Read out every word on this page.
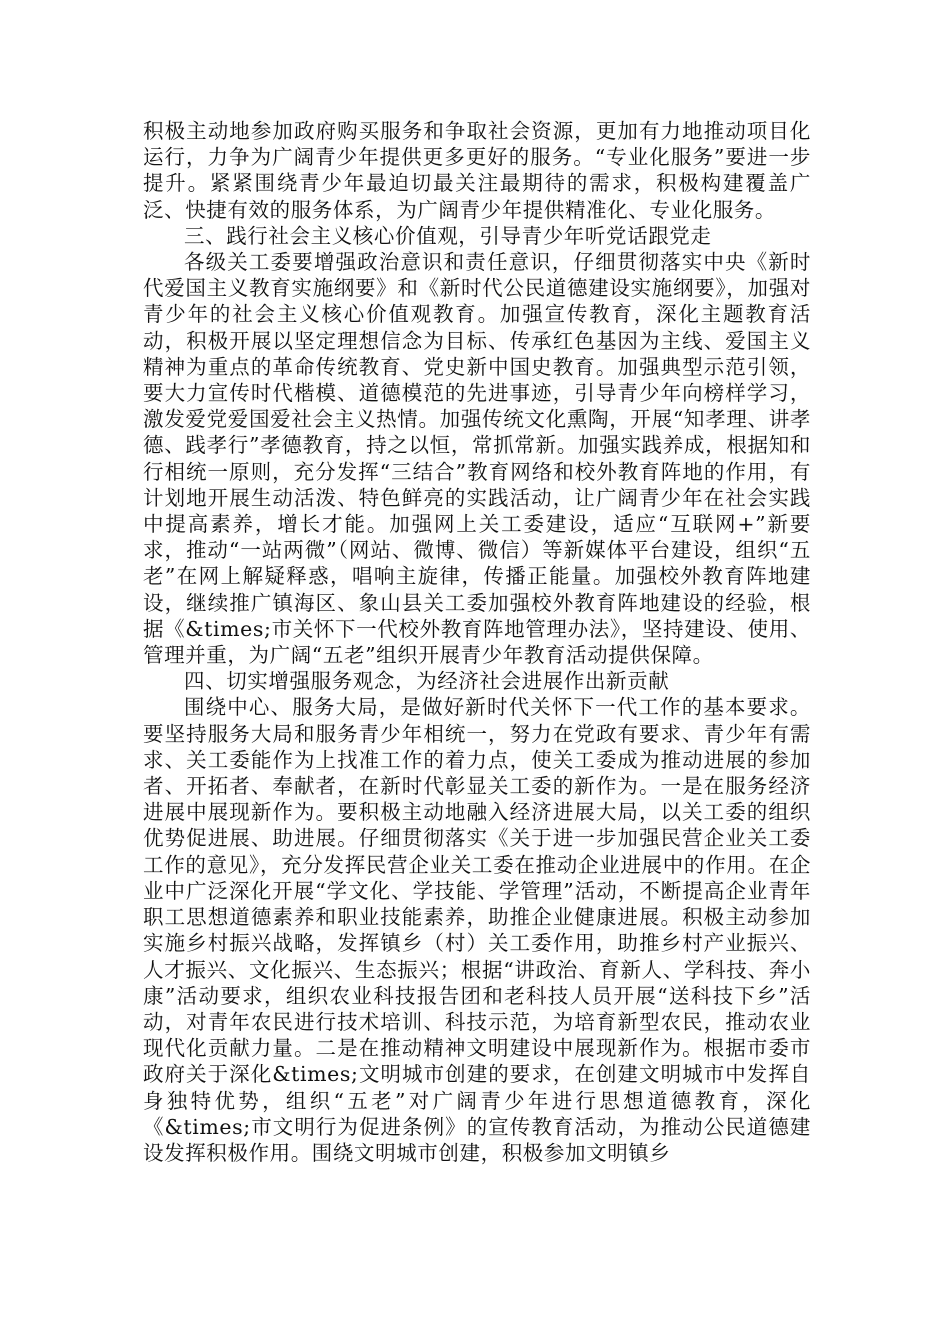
积极主动地参加政府购买服务和争取社会资源，更加有力地推动项目化运行，力争为广阔青少年提供更多更好的服务。“专业化服务”要进一步提升。紧紧围绕青少年最迫切最关注最期待的需求，积极构建覆盖广泛、快捷有效的服务体系，为广阔青少年提供精准化、专业化服务。

三、践行社会主义核心价值观，引导青少年听党话跟党走

各级关工委要增强政治意识和责任意识，仔细贯彻落实中央《新时代爱国主义教育实施纲要》和《新时代公民道德建设实施纲要》，加强对青少年的社会主义核心价值观教育。加强宣传教育，深化主题教育活动，积极开展以坚定理想信念为目标、传承红色基因为主线、爱国主义精神为重点的革命传统教育、党史新中国史教育。加强典型示范引领，要大力宣传时代楷模、道德模范的先进事迹，引导青少年向榜样学习，激发爱党爱国爱社会主义热情。加强传统文化熏陶，开展“知孝理、讲孝德、践孝行”孝德教育，持之以恒，常抓常新。加强实践养成，根据知和行相统一原则，充分发挥“三结合”教育网络和校外教育阵地的作用，有计划地开展生动活泼、特色鲜亮的实践活动，让广阔青少年在社会实践中提高素养，增长才能。加强网上关工委建设，适应“互联网+”新要求，推动“一站两微”（网站、微博、微信）等新媒体平台建设，组织“五老”在网上解疑释惑，唱响主旋律，传播正能量。加强校外教育阵地建设，继续推广镇海区、象山县关工委加强校外教育阵地建设的经验，根据《&times;市关怀下一代校外教育阵地管理办法》，坚持建设、使用、管理并重，为广阔“五老”组织开展青少年教育活动提供保障。

四、切实增强服务观念，为经济社会进展作出新贡献

围绕中心、服务大局，是做好新时代关怀下一代工作的基本要求。要坚持服务大局和服务青少年相统一，努力在党政有要求、青少年有需求、关工委能作为上找准工作的着力点，使关工委成为推动进展的参加者、开拓者、奉献者，在新时代彰显关工委的新作为。一是在服务经济进展中展现新作为。要积极主动地融入经济进展大局，以关工委的组织优势促进展、助进展。仔细贯彻落实《关于进一步加强民营企业关工委工作的意见》，充分发挥民营企业关工委在推动企业进展中的作用。在企业中广泛深化开展“学文化、学技能、学管理”活动，不断提高企业青年职工思想道德素养和职业技能素养，助推企业健康进展。积极主动参加实施乡村振兴战略，发挥镇乡（村）关工委作用，助推乡村产业振兴、人才振兴、文化振兴、生态振兴；根据“讲政治、育新人、学科技、奔小康”活动要求，组织农业科技报告团和老科技人员开展“送科技下乡”活动，对青年农民进行技术培训、科技示范，为培育新型农民，推动农业现代化贡献力量。二是在推动精神文明建设中展现新作为。根据市委市政府关于深化&times;文明城市创建的要求，在创建文明城市中发挥自身独特优势，组织“五老”对广阔青少年进行思想道德教育，深化《&times;市文明行为促进条例》的宣传教育活动，为推动公民道德建设发挥积极作用。围绕文明城市创建，积极参加文明镇乡
